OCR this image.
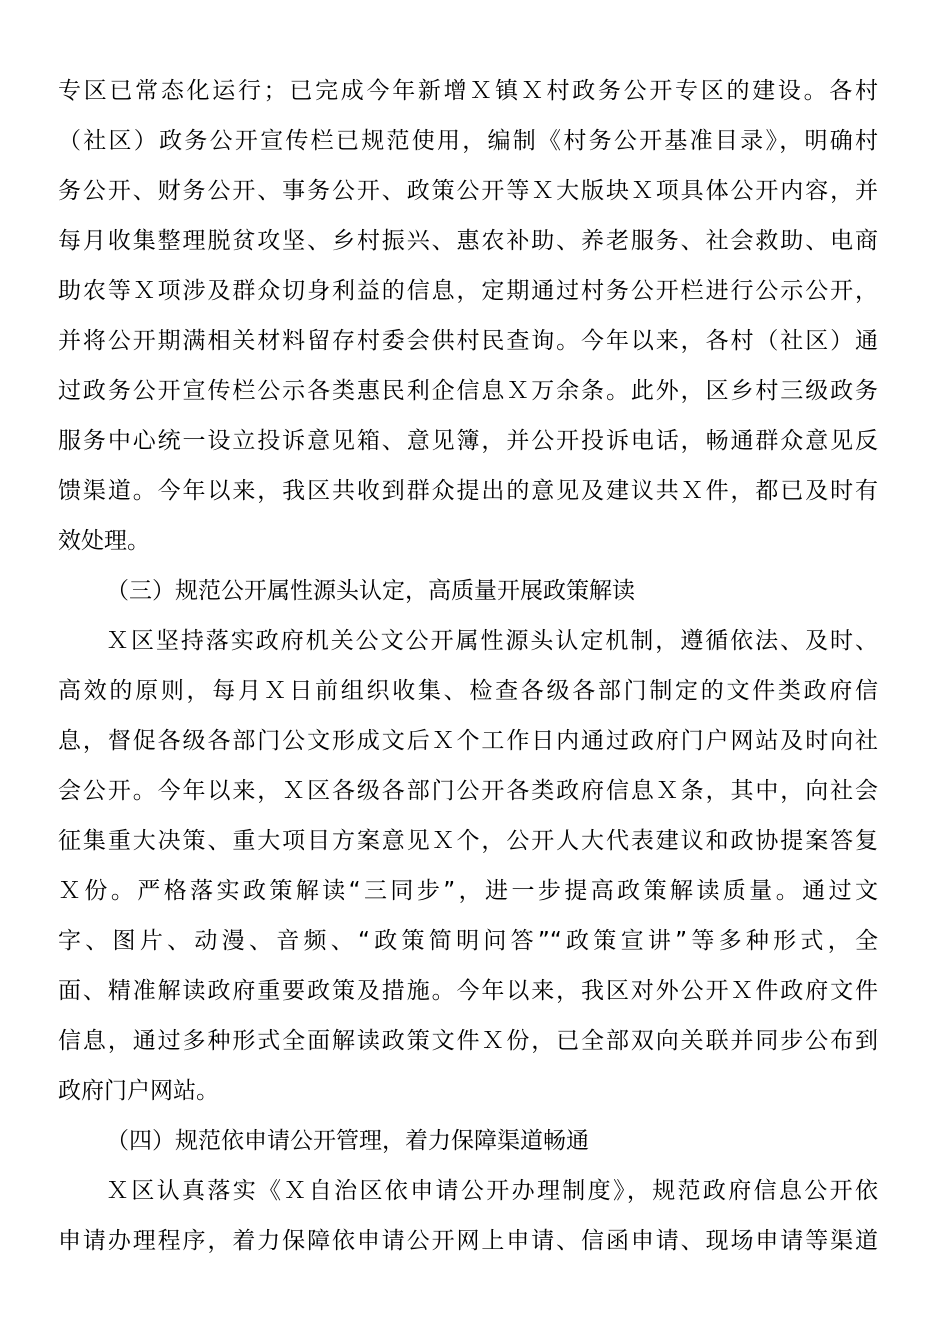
专区已常态化运行；已完成今年新增Ｘ镇Ｘ村政务公开专区的建设。各村
（社区）政务公开宣传栏已规范使用，编制《村务公开基准目录》，明确村
务公开、财务公开、事务公开、政策公开等Ｘ大版块Ｘ项具体公开内容，并
每月收集整理脱贫攻坚、乡村振兴、惠农补助、养老服务、社会救助、电商
助农等Ｘ项涉及群众切身利益的信息，定期通过村务公开栏进行公示公开，
并将公开期满相关材料留存村委会供村民查询。今年以来，各村（社区）通
过政务公开宣传栏公示各类惠民利企信息Ｘ万余条。此外，区乡村三级政务
服务中心统一设立投诉意见箱、意见簿，并公开投诉电话，畅通群众意见反
馈渠道。今年以来，我区共收到群众提出的意见及建议共Ｘ件，都已及时有
效处理。
（三）规范公开属性源头认定，高质量开展政策解读
Ｘ区坚持落实政府机关公文公开属性源头认定机制，遵循依法、及时、
高效的原则，每月Ｘ日前组织收集、检查各级各部门制定的文件类政府信
息，督促各级各部门公文形成文后Ｘ个工作日内通过政府门户网站及时向社
会公开。今年以来，Ｘ区各级各部门公开各类政府信息Ｘ条，其中，向社会
征集重大决策、重大项目方案意见Ｘ个，公开人大代表建议和政协提案答复
Ｘ份。严格落实政策解读“三同步”，进一步提高政策解读质量。通过文
字、图片、动漫、音频、“政策简明问答”“政策宣讲”等多种形式，全
面、精准解读政府重要政策及措施。今年以来，我区对外公开Ｘ件政府文件
信息，通过多种形式全面解读政策文件Ｘ份，已全部双向关联并同步公布到
政府门户网站。
（四）规范依申请公开管理，着力保障渠道畅通
Ｘ区认真落实《Ｘ自治区依申请公开办理制度》，规范政府信息公开依
申请办理程序，着力保障依申请公开网上申请、信函申请、现场申请等渠道
